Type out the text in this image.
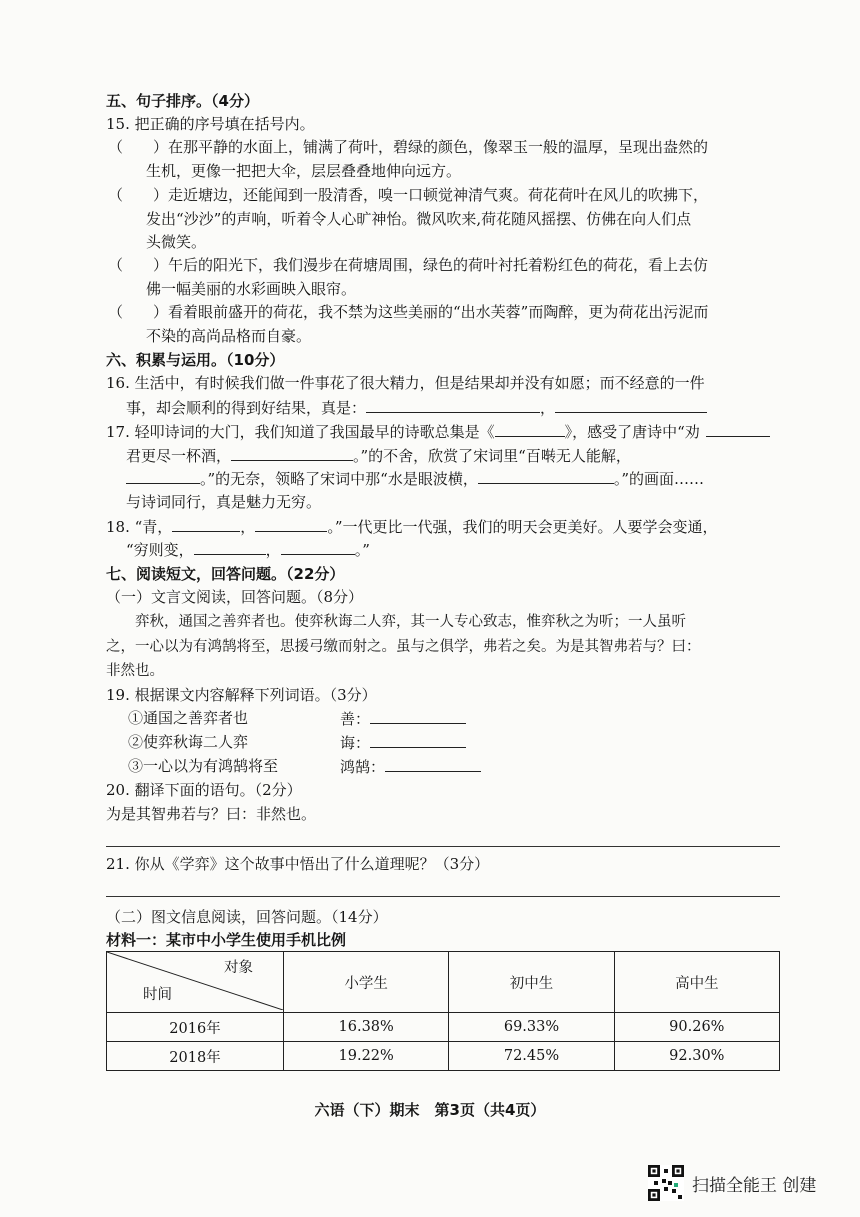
五、句子排序。（4分）
15. 把正确的序号填在括号内。
（　　）在那平静的水面上，铺满了荷叶，碧绿的颜色，像翠玉一般的温厚，呈现出盎然的
生机，更像一把把大伞，层层叠叠地伸向远方。
（　　）走近塘边，还能闻到一股清香，嗅一口顿觉神清气爽。荷花荷叶在风儿的吹拂下，
发出“沙沙”的声响，听着令人心旷神怡。微风吹来,荷花随风摇摆、仿佛在向人们点
头微笑。
（　　）午后的阳光下，我们漫步在荷塘周围，绿色的荷叶衬托着粉红色的荷花，看上去仿
佛一幅美丽的水彩画映入眼帘。
（　　）看着眼前盛开的荷花，我不禁为这些美丽的“出水芙蓉”而陶醉，更为荷花出污泥而
不染的高尚品格而自豪。
六、积累与运用。（10分）
16. 生活中，有时候我们做一件事花了很大精力，但是结果却并没有如愿；而不经意的一件
事，却会顺利的得到好结果，真是：	，
17. 轻叩诗词的大门，我们知道了我国最早的诗歌总集是《	》，感受了唐诗中“劝
君更尽一杯酒，	。”的不舍，欣赏了宋词里“百啭无人能解，
。”的无奈，领略了宋词中那“水是眼波横，	。”的画面……
与诗词同行，真是魅力无穷。
18. “青，	，	。”一代更比一代强，我们的明天会更美好。人要学会变通，
“穷则变，	，	。”
七、阅读短文，回答问题。（22分）
（一）文言文阅读，回答问题。（8分）
　　弈秋，通国之善弈者也。使弈秋诲二人弈，其一人专心致志，惟弈秋之为听；一人虽听
之，一心以为有鸿鹄将至，思援弓缴而射之。虽与之俱学，弗若之矣。为是其智弗若与？曰：
非然也。
19. 根据课文内容解释下列词语。（3分）
①通国之善弈者也	善：
②使弈秋诲二人弈	诲：
③一心以为有鸿鹄将至	鸿鹄：
20. 翻译下面的语句。（2分）
为是其智弗若与？曰：非然也。
21. 你从《学弈》这个故事中悟出了什么道理呢？（3分）
（二）图文信息阅读，回答问题。（14分）
材料一：某市中小学生使用手机比例
对象
时间	小学生	初中生	高中生
2016年	16.38%	69.33%	90.26%
2018年	19.22%	72.45%	92.30%
六语（下）期末　第3页（共4页）
扫描全能王 创建
